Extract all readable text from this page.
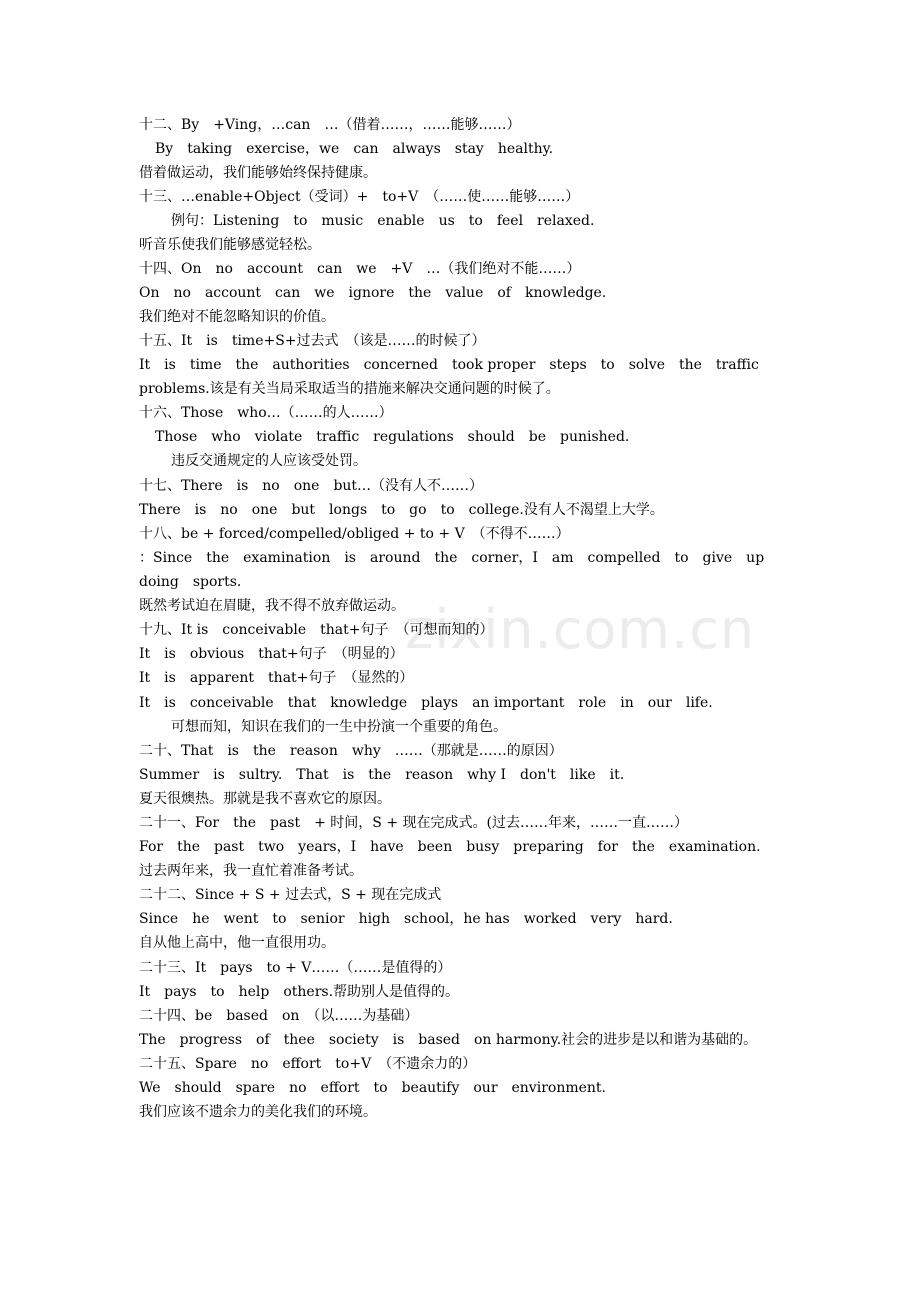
zixin.com.cn
十二、By　+Ving，…can　…（借着……，……能够……）
By　taking　exercise，we　can　always　stay　healthy.
借着做运动，我们能够始终保持健康。
十三、…enable+Object（受词）+　to+V　（……使……能够……）
例句：Listening　to　music　enable　us　to　feel　relaxed.
听音乐使我们能够感觉轻松。
十四、On　no　account　can　we　+V　…（我们绝对不能……）
On　no　account　can　we　ignore　the　value　of　knowledge.
我们绝对不能忽略知识的价值。
十五、It　is　time+S+过去式　（该是……的时候了）
It　is　time　the　authorities　concerned　took proper　steps　to　solve　the　traffic
problems.该是有关当局采取适当的措施来解决交通问题的时候了。
十六、Those　who…（……的人……）
Those　who　violate　traffic　regulations　should　be　punished.
违反交通规定的人应该受处罚。
十七、There　is　no　one　but…（没有人不……）
There　is　no　one　but　longs　to　go　to　college.没有人不渴望上大学。
十八、be + forced/compelled/obliged + to + V　（不得不……）
：Since　the　examination　is　around　the　corner，I　am　compelled　to　give　up
doing　sports.
既然考试迫在眉睫，我不得不放弃做运动。
十九、It is　conceivable　that+句子　（可想而知的）
It　is　obvious　that+句子　（明显的）
It　is　apparent　that+句子　（显然的）
It　is　conceivable　that　knowledge　plays　an important　role　in　our　life.
可想而知，知识在我们的一生中扮演一个重要的角色。
二十、That　is　the　reason　why　……（那就是……的原因）
Summer　is　sultry.　That　is　the　reason　why I　don't　like　it.
夏天很燠热。那就是我不喜欢它的原因。
二十一、For　the　past　+ 时间，S + 现在完成式。(过去……年来，……一直……）
For　the　past　two　years，I　have　been　busy　preparing　for　the　examination.
过去两年来，我一直忙着准备考试。
二十二、Since + S + 过去式，S + 现在完成式
Since　he　went　to　senior　high　school，he has　worked　very　hard.
自从他上高中，他一直很用功。
二十三、It　pays　to + V……（……是值得的）
It　pays　to　help　others.帮助别人是值得的。
二十四、be　based　on　（以……为基础）
The　progress　of　thee　society　is　based　on harmony.社会的进步是以和谐为基础的。
二十五、Spare　no　effort　to+V　（不遗余力的）
We　should　spare　no　effort　to　beautify　our　environment.
我们应该不遗余力的美化我们的环境。
